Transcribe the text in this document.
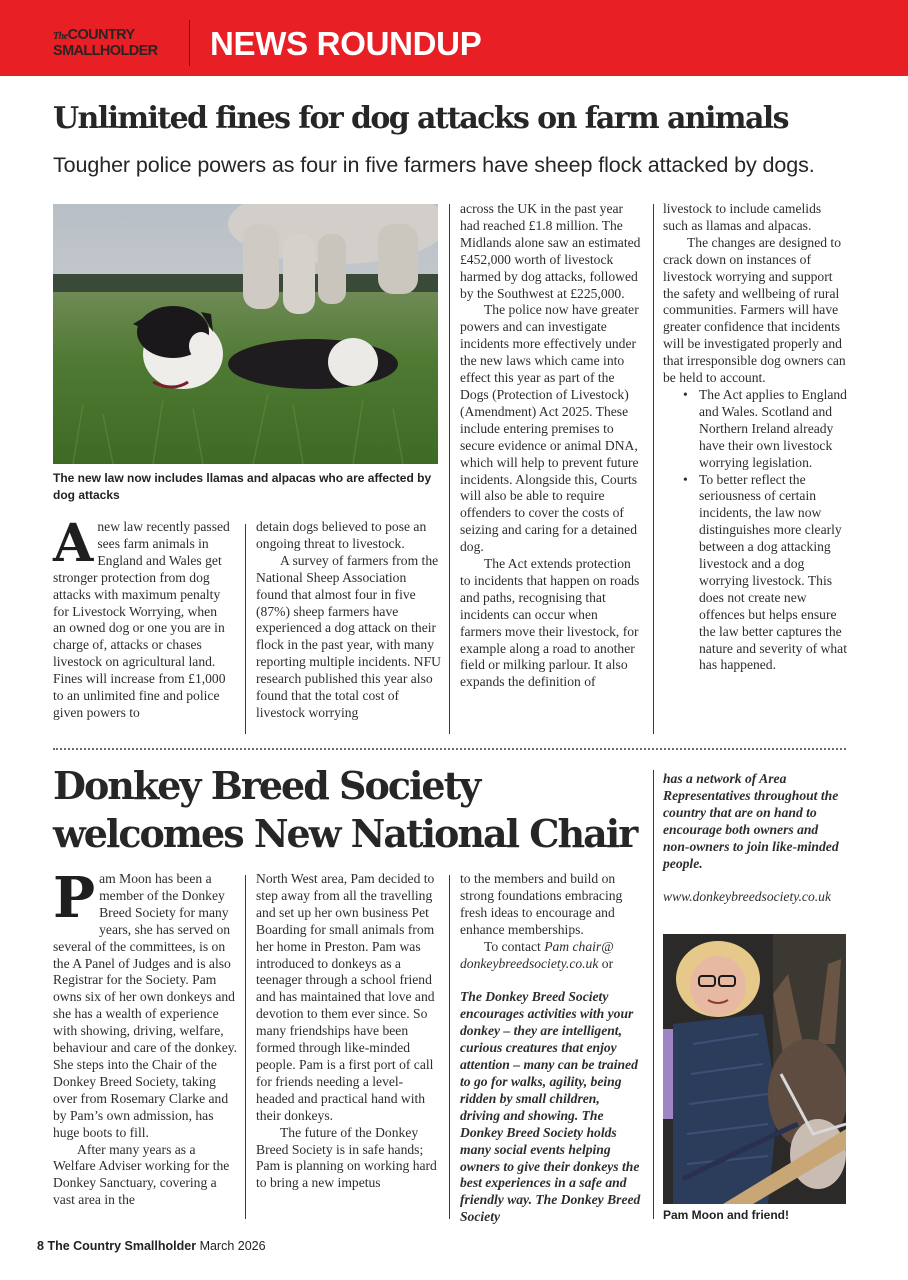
TheCOUNTRY
SMALLHOLDER NEWS ROUNDUP
Unlimited fines for dog attacks on farm animals
Tougher police powers as four in five farmers have sheep flock attacked by dogs.
The new law now includes llamas and alpacas who are affected by dog attacks
A new law recently passed sees farm animals in England and Wales get stronger protection from dog attacks with maximum penalty for Livestock Worrying, when an owned dog or one you are in charge of, attacks or chases livestock on agricultural land. Fines will increase from £1,000 to an unlimited fine and police given powers to

detain dogs believed to pose an ongoing threat to livestock.

A survey of farmers from the National Sheep Association found that almost four in five (87%) sheep farmers have experienced a dog attack on their flock in the past year, with many reporting multiple incidents. NFU research published this year also found that the total cost of livestock worrying

across the UK in the past year had reached £1.8 million. The Midlands alone saw an estimated £452,000 worth of livestock harmed by dog attacks, followed by the Southwest at £225,000.

The police now have greater powers and can investigate incidents more effectively under the new laws which came into effect this year as part of the Dogs (Protection of Livestock) (Amendment) Act 2025. These include entering premises to secure evidence or animal DNA, which will help to prevent future incidents. Alongside this, Courts will also be able to require offenders to cover the costs of seizing and caring for a detained dog.

The Act extends protection to incidents that happen on roads and paths, recognising that incidents can occur when farmers move their livestock, for example along a road to another field or milking parlour. It also expands the definition of

livestock to include camelids such as llamas and alpacas.

The changes are designed to crack down on instances of livestock worrying and support the safety and wellbeing of rural communities. Farmers will have greater confidence that incidents will be investigated properly and that irresponsible dog owners can be held to account.

• The Act applies to England and Wales. Scotland and Northern Ireland already have their own livestock worrying legislation.
• To better reflect the seriousness of certain incidents, the law now distinguishes more clearly between a dog attacking livestock and a dog worrying livestock. This does not create new offences but helps ensure the law better captures the nature and severity of what has happened.
Donkey Breed Society
welcomes New National Chair
P am Moon has been a member of the Donkey Breed Society for many years, she has served on several of the committees, is on the A Panel of Judges and is also Registrar for the Society. Pam owns six of her own donkeys and she has a wealth of experience with showing, driving, welfare, behaviour and care of the donkey. She steps into the Chair of the Donkey Breed Society, taking over from Rosemary Clarke and by Pam’s own admission, has huge boots to fill.

After many years as a Welfare Adviser working for the Donkey Sanctuary, covering a vast area in the

North West area, Pam decided to step away from all the travelling and set up her own business Pet Boarding for small animals from her home in Preston. Pam was introduced to donkeys as a teenager through a school friend and has maintained that love and devotion to them ever since. So many friendships have been formed through like-minded people. Pam is a first port of call for friends needing a level-headed and practical hand with their donkeys.

The future of the Donkey Breed Society is in safe hands; Pam is planning on working hard to bring a new impetus

to the members and build on strong foundations embracing fresh ideas to encourage and enhance memberships.

To contact Pam chair@ donkeybreedsociety.co.uk or

The Donkey Breed Society encourages activities with your donkey – they are intelligent, curious creatures that enjoy attention – many can be trained to go for walks, agility, being ridden by small children, driving and showing. The Donkey Breed Society holds many social events helping owners to give their donkeys the best experiences in a safe and friendly way. The Donkey Breed Society

has a network of Area Representatives throughout the country that are on hand to encourage both owners and non-owners to join like-minded people.

www.donkeybreedsociety.co.uk

Pam Moon and friend!
8 The Country Smallholder March 2026
